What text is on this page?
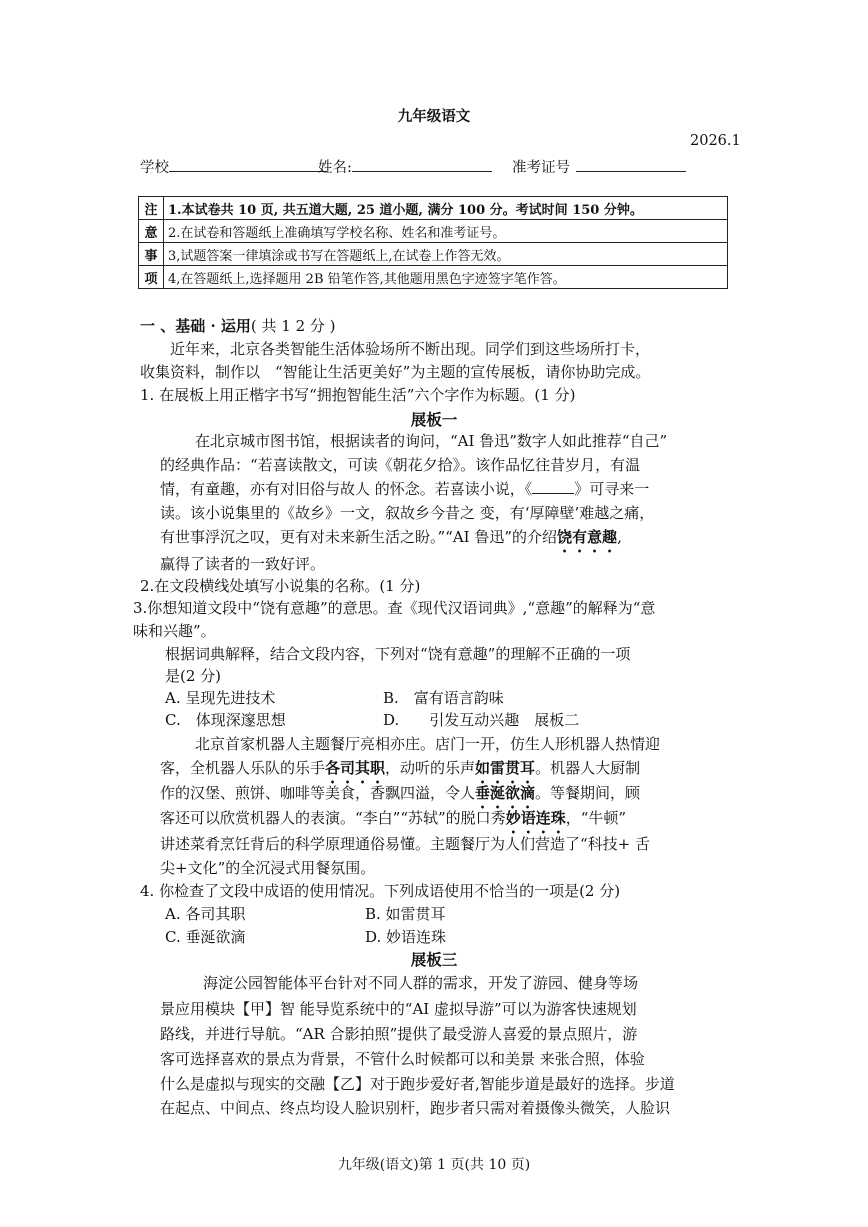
九年级语文
2026.1
学校	姓名:	准考证号
注	1.本试卷共 10 页, 共五道大题, 25 道小题, 满分 100 分。考试时间 150 分钟。
意	2.在试卷和答题纸上准确填写学校名称、姓名和准考证号。
事	3,试题答案一律填涂或书写在答题纸上,在试卷上作答无效。
项	4,在答题纸上,选择题用 2B 铅笔作答,其他题用黑色字迹签字笔作答。
一 、基础 · 运用( 共 1 2 分 )
近年来，北京各类智能生活体验场所不断出现。同学们到这些场所打卡，
收集资料，制作以　“智能让生活更美好”为主题的宣传展板，请你协助完成。
1. 在展板上用正楷字书写“拥抱智能生活”六个字作为标题。(1 分)
展板一
在北京城市图书馆，根据读者的询问，“AI 鲁迅”数字人如此推荐“自己”
的经典作品：“若喜读散文，可读《朝花夕拾》。该作品忆往昔岁月，有温
情，有童趣，亦有对旧俗与故人 的怀念。若喜读小说，《	》可寻来一
读。该小说集里的《故乡》一文，叙故乡今昔之 变，有‘厚障壁’难越之痛，
有世事浮沉之叹，更有对未来新生活之盼。”“AI 鲁迅”的介绍饶有意趣,
赢得了读者的一致好评。
2.在文段横线处填写小说集的名称。(1 分)
3.你想知道文段中“饶有意趣”的意思。查《现代汉语词典》,“意趣”的解释为“意
味和兴趣”。
根据词典解释，结合文段内容，下列对“饶有意趣”的理解不正确的一项
是(2 分)
A. 呈现先进技术	B.　富有语言韵味
C.　体现深邃思想	D.　　引发互动兴趣　展板二
北京首家机器人主题餐厅亮相亦庄。店门一开，仿生人形机器人热情迎
客，全机器人乐队的乐手各司其职，动听的乐声如雷贯耳。机器人大厨制
作的汉堡、煎饼、咖啡等美食，香飘四溢，令人垂涎欲滴。等餐期间，顾
客还可以欣赏机器人的表演。“李白”“苏轼”的脱口秀妙语连珠，“牛顿”
讲述菜肴烹饪背后的科学原理通俗易懂。主题餐厅为人们营造了“科技+ 舌
尖+文化”的全沉浸式用餐氛围。
4. 你检查了文段中成语的使用情况。下列成语使用不恰当的一项是(2 分)
A. 各司其职	B. 如雷贯耳
C. 垂涎欲滴	D. 妙语连珠
展板三
海淀公园智能体平台针对不同人群的需求，开发了游园、健身等场
景应用模块【甲】智 能导览系统中的“AI 虚拟导游”可以为游客快速规划
路线，并进行导航。“AR 合影拍照”提供了最受游人喜爱的景点照片，游
客可选择喜欢的景点为背景，不管什么时候都可以和美景 来张合照，体验
什么是虚拟与现实的交融【乙】对于跑步爱好者,智能步道是最好的选择。步道
在起点、中间点、终点均设人脸识别杆，跑步者只需对着摄像头微笑，人脸识
九年级(语文)第 1 页(共 10 页)
